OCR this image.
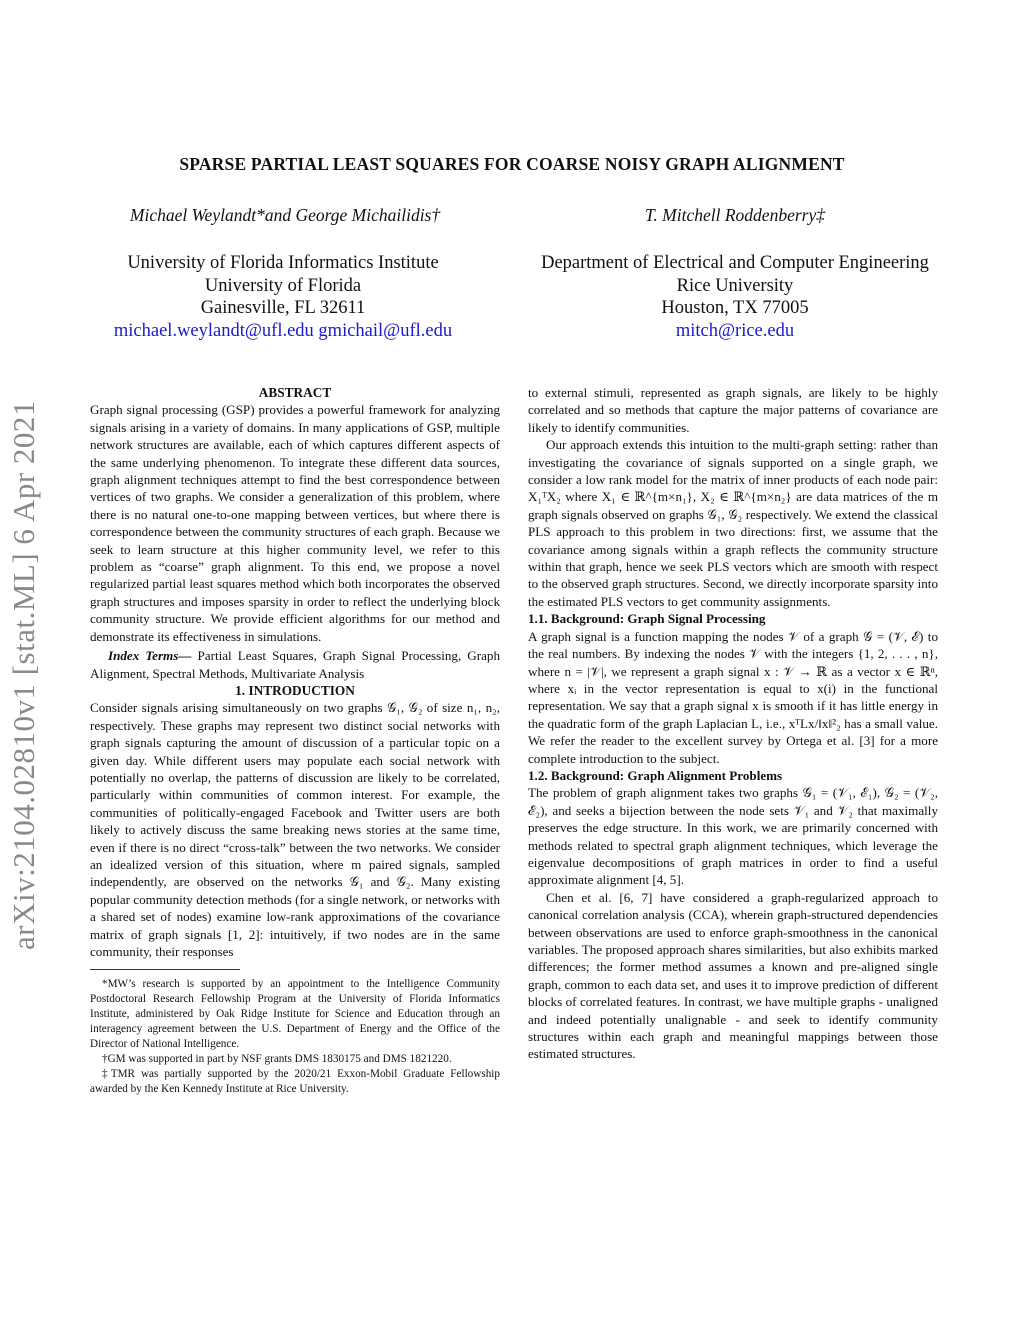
arXiv:2104.02810v1 [stat.ML] 6 Apr 2021
SPARSE PARTIAL LEAST SQUARES FOR COARSE NOISY GRAPH ALIGNMENT
Michael Weylandt*and George Michailidis†	T. Mitchell Roddenberry‡
University of Florida Informatics Institute
University of Florida
Gainesville, FL 32611
michael.weylandt@ufl.edu gmichail@ufl.edu
Department of Electrical and Computer Engineering
Rice University
Houston, TX 77005
mitch@rice.edu

ABSTRACT

Graph signal processing (GSP) provides a powerful framework for analyzing signals arising in a variety of domains. In many applications of GSP, multiple network structures are available, each of which captures different aspects of the same underlying phenomenon. To integrate these different data sources, graph alignment techniques attempt to find the best correspondence between vertices of two graphs. We consider a generalization of this problem, where there is no natural one-to-one mapping between vertices, but where there is correspondence between the community structures of each graph. Because we seek to learn structure at this higher community level, we refer to this problem as “coarse” graph alignment. To this end, we propose a novel regularized partial least squares method which both incorporates the observed graph structures and imposes sparsity in order to reflect the underlying block community structure. We provide efficient algorithms for our method and demonstrate its effectiveness in simulations.

Index Terms— Partial Least Squares, Graph Signal Processing, Graph Alignment, Spectral Methods, Multivariate Analysis

1. INTRODUCTION

Consider signals arising simultaneously on two graphs 𝒢₁, 𝒢₂ of size n₁, n₂, respectively. These graphs may represent two distinct social networks with graph signals capturing the amount of discussion of a particular topic on a given day. While different users may populate each social network with potentially no overlap, the patterns of discussion are likely to be correlated, particularly within communities of common interest. For example, the communities of politically-engaged Facebook and Twitter users are both likely to actively discuss the same breaking news stories at the same time, even if there is no direct “cross-talk” between the two networks. We consider an idealized version of this situation, where m paired signals, sampled independently, are observed on the networks 𝒢₁ and 𝒢₂. Many existing popular community detection methods (for a single network, or networks with a shared set of nodes) examine low-rank approximations of the covariance matrix of graph signals [1, 2]: intuitively, if two nodes are in the same community, their responses

*MW’s research is supported by an appointment to the Intelligence Community Postdoctoral Research Fellowship Program at the University of Florida Informatics Institute, administered by Oak Ridge Institute for Science and Education through an interagency agreement between the U.S. Department of Energy and the Office of the Director of National Intelligence.

†GM was supported in part by NSF grants DMS 1830175 and DMS 1821220.

‡TMR was partially supported by the 2020/21 Exxon-Mobil Graduate Fellowship awarded by the Ken Kennedy Institute at Rice University.

to external stimuli, represented as graph signals, are likely to be highly correlated and so methods that capture the major patterns of covariance are likely to identify communities.

Our approach extends this intuition to the multi-graph setting: rather than investigating the covariance of signals supported on a single graph, we consider a low rank model for the matrix of inner products of each node pair: X₁ᵀX₂ where X₁ ∈ ℝ^{m×n₁}, X₂ ∈ ℝ^{m×n₂} are data matrices of the m graph signals observed on graphs 𝒢₁, 𝒢₂ respectively. We extend the classical PLS approach to this problem in two directions: first, we assume that the covariance among signals within a graph reflects the community structure within that graph, hence we seek PLS vectors which are smooth with respect to the observed graph structures. Second, we directly incorporate sparsity into the estimated PLS vectors to get community assignments.

1.1. Background: Graph Signal Processing

A graph signal is a function mapping the nodes 𝒱 of a graph 𝒢 = (𝒱, ℰ) to the real numbers. By indexing the nodes 𝒱 with the integers {1, 2, . . . , n}, where n = |𝒱|, we represent a graph signal x : 𝒱 → ℝ as a vector x ∈ ℝⁿ, where xᵢ in the vector representation is equal to x(i) in the functional representation. We say that a graph signal x is smooth if it has little energy in the quadratic form of the graph Laplacian L, i.e., xᵀLx/‖x‖²₂ has a small value. We refer the reader to the excellent survey by Ortega et al. [3] for a more complete introduction to the subject.

1.2. Background: Graph Alignment Problems

The problem of graph alignment takes two graphs 𝒢₁ = (𝒱₁, ℰ₁), 𝒢₂ = (𝒱₂, ℰ₂), and seeks a bijection between the node sets 𝒱₁ and 𝒱₂ that maximally preserves the edge structure. In this work, we are primarily concerned with methods related to spectral graph alignment techniques, which leverage the eigenvalue decompositions of graph matrices in order to find a useful approximate alignment [4, 5].

Chen et al. [6, 7] have considered a graph-regularized approach to canonical correlation analysis (CCA), wherein graph-structured dependencies between observations are used to enforce graph-smoothness in the canonical variables. The proposed approach shares similarities, but also exhibits marked differences; the former method assumes a known and pre-aligned single graph, common to each data set, and uses it to improve prediction of different blocks of correlated features. In contrast, we have multiple graphs - unaligned and indeed potentially unalignable - and seek to identify community structures within each graph and meaningful mappings between those estimated structures.
